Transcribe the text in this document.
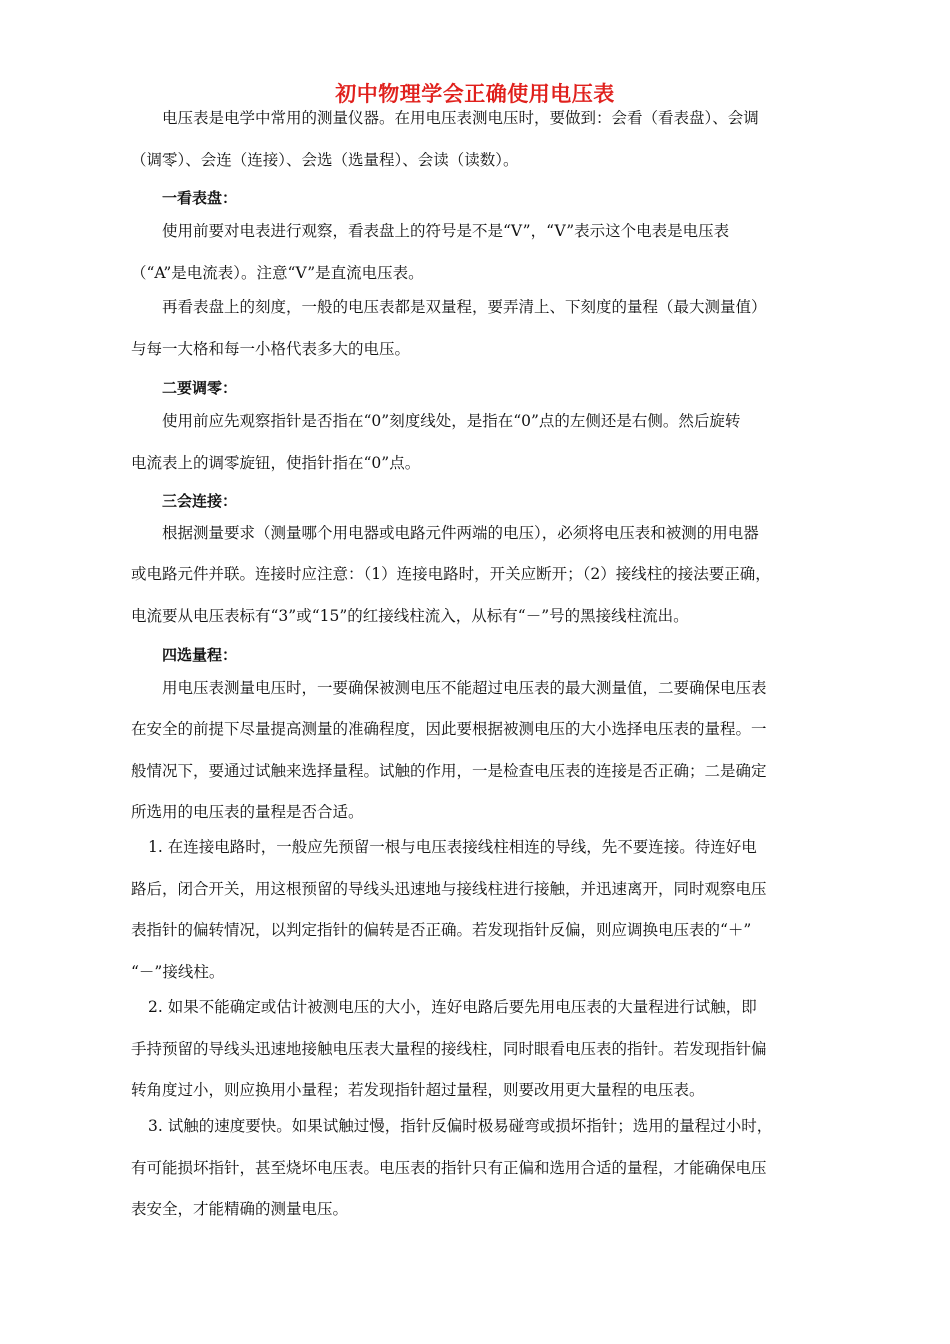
初中物理学会正确使用电压表
电压表是电学中常用的测量仪器。在用电压表测电压时，要做到：会看（看表盘）、会调
（调零）、会连（连接）、会选（选量程）、会读（读数）。
一看表盘：
使用前要对电表进行观察，看表盘上的符号是不是“V”，“V”表示这个电表是电压表
（“A”是电流表）。注意“V”是直流电压表。
再看表盘上的刻度，一般的电压表都是双量程，要弄清上、下刻度的量程（最大测量值）
与每一大格和每一小格代表多大的电压。
二要调零：
使用前应先观察指针是否指在“0”刻度线处，是指在“0”点的左侧还是右侧。然后旋转
电流表上的调零旋钮，使指针指在“0”点。
三会连接：
根据测量要求（测量哪个用电器或电路元件两端的电压），必须将电压表和被测的用电器
或电路元件并联。连接时应注意：（1）连接电路时，开关应断开；（2）接线柱的接法要正确，
电流要从电压表标有“3”或“15”的红接线柱流入，从标有“－”号的黑接线柱流出。
四选量程：
用电压表测量电压时，一要确保被测电压不能超过电压表的最大测量值，二要确保电压表
在安全的前提下尽量提高测量的准确程度，因此要根据被测电压的大小选择电压表的量程。一
般情况下，要通过试触来选择量程。试触的作用，一是检查电压表的连接是否正确；二是确定
所选用的电压表的量程是否合适。
1. 在连接电路时，一般应先预留一根与电压表接线柱相连的导线，先不要连接。待连好电
路后，闭合开关，用这根预留的导线头迅速地与接线柱进行接触，并迅速离开，同时观察电压
表指针的偏转情况，以判定指针的偏转是否正确。若发现指针反偏，则应调换电压表的“＋”
“－”接线柱。
2. 如果不能确定或估计被测电压的大小，连好电路后要先用电压表的大量程进行试触，即
手持预留的导线头迅速地接触电压表大量程的接线柱，同时眼看电压表的指针。若发现指针偏
转角度过小，则应换用小量程；若发现指针超过量程，则要改用更大量程的电压表。
3. 试触的速度要快。如果试触过慢，指针反偏时极易碰弯或损坏指针；选用的量程过小时，
有可能损坏指针，甚至烧坏电压表。电压表的指针只有正偏和选用合适的量程，才能确保电压
表安全，才能精确的测量电压。
